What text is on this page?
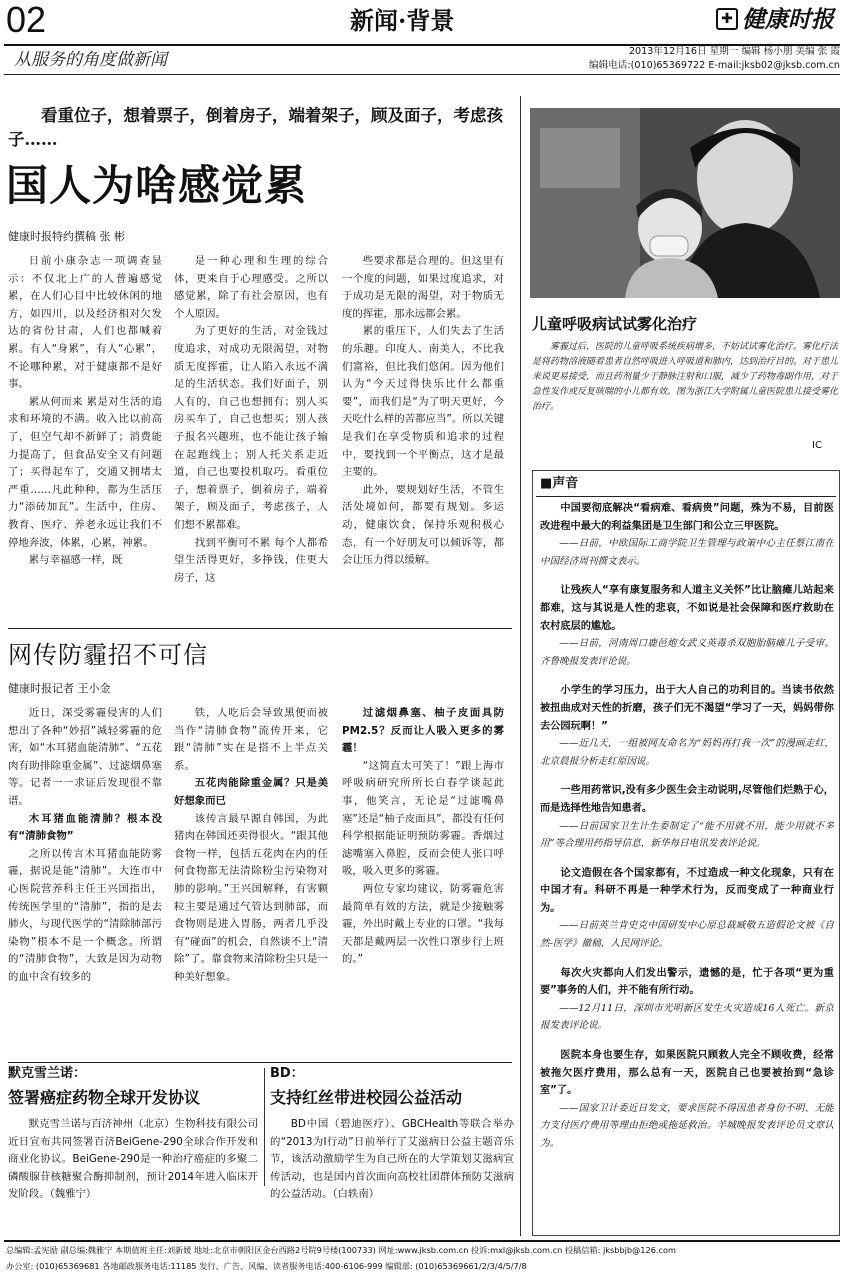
02	新闻·背景	✚ 健康时报
从服务的角度做新闻	2013年12月16日 星期一 编辑 杨小朋 美编 张 霞
编辑电话:(010)65369722 E-mail:jksb02@jksb.com.cn
看重位子，想着票子，倒着房子，端着架子，顾及面子，考虑孩子……
国人为啥感觉累
健康时报特约撰稿 张 彬

日前小康杂志一项调查显示：不仅北上广的人普遍感觉累，在人们心目中比较休闲的地方，如四川，以及经济相对欠发达的省份甘肃，人们也都喊着累。有人“身累”，有人“心累”，不论哪种累，对于健康都不是好事。

累从何而来 累是对生活的追求和环境的不满。收入比以前高了，但空气却不新鲜了；消费能力提高了，但食品安全又有问题了；买得起车了，交通又拥堵太严重……凡此种种，都为生活压力“添砖加瓦”。生活中，住房、教育、医疗、养老永远让我们不停地奔波，体累，心累，神累。

累与幸福感一样，既

是一种心理和生理的综合体，更来自于心理感受。之所以感觉累，除了有社会原因，也有个人原因。

为了更好的生活，对金钱过度追求，对成功无限渴望，对物质无度挥霍，让人陷入永远不满足的生活状态。我们好面子，别人有的，自己也想拥有；别人买房买车了，自己也想买；别人孩子报名兴趣班，也不能让孩子输在起跑线上；别人托关系走近道，自己也要投机取巧。看重位子，想着票子，倒着房子，端着架子，顾及面子，考虑孩子，人们想不累都难。

找到平衡可不累 每个人都希望生活得更好，多挣钱，住更大房子，这

些要求都是合理的。但这里有一个度的问题，如果过度追求，对于成功是无限的渴望，对于物质无度的挥霍，那永远都会累。

累的重压下，人们失去了生活的乐趣。印度人、南美人，不比我们富裕，但比我们悠闲。因为他们认为“今天过得快乐比什么都重要”，而我们是“为了明天更好，今天吃什么样的苦都应当”。所以关键是我们在享受物质和追求的过程中，要找到一个平衡点，这才是最主要的。

此外，要规划好生活，不管生活处境如何，都要有规划。多运动，健康饮食，保持乐观积极心态，有一个好朋友可以倾诉等，都会让压力得以缓解。

儿童呼吸病试试雾化治疗

雾霾过后，医院的儿童呼吸系统疾病增多，不妨试试雾化治疗。雾化疗法是将药物溶液随着患者自然呼吸进入呼吸道和肺内，达到治疗目的。对于患儿来说更易接受，而且药剂量少于静脉注射和口服，减少了药物毒副作用，对于急性发作或反复咳喘的小儿都有效。图为浙江大学附属儿童医院患儿接受雾化治疗。

IC
网传防霾招不可信
健康时报记者 王小金

近日，深受雾霾侵害的人们想出了各种“妙招”减轻雾霾的危害，如“木耳猪血能清肺”、“五花肉有助排除重金属”、过滤烟鼻塞等。记者一一求证后发现很不靠谱。

木耳猪血能清肺？根本没有“清肺食物”

之所以传言木耳猪血能防雾霾，据说是能“清肺”。大连市中心医院营养科主任王兴国指出，传统医学里的“清肺”，指的是去肺火，与现代医学的“清除肺部污染物”根本不是一个概念。所谓的“清肺食物”，大致是因为动物的血中含有较多的

铁，人吃后会导致黑便而被当作“清肺食物”流传开来，它跟“清肺”实在是搭不上半点关系。

五花肉能除重金属？只是美好想象而已

该传言最早源自韩国，为此猪肉在韩国还卖得很火。“跟其他食物一样，包括五花肉在内的任何食物都无法清除粉尘污染物对肺的影响。”王兴国解释，有害颗粒主要是通过气管达到肺部，而食物则是进入胃肠，两者几乎没有“碰面”的机会，自然谈不上“清除”了。靠食物来清除粉尘只是一种美好想象。

过滤烟鼻塞、柚子皮面具防PM2.5？反而让人吸入更多的雾霾！

“这简直太可笑了！”跟上海市呼吸病研究所所长白春学谈起此事，他笑言，无论是“过滤嘴鼻塞”还是“柚子皮面具”，都没有任何科学根据能证明预防雾霾。香烟过滤嘴塞入鼻腔，反而会使人张口呼吸，吸入更多的雾霾。

两位专家均建议，防雾霾危害最简单有效的方法，就是少接触雾霾，外出时戴上专业的口罩。“我每天都是戴两层一次性口罩步行上班的。”

默克雪兰诺：
签署癌症药物全球开发协议

默克雪兰诺与百济神州（北京）生物科技有限公司近日宣布共同签署百济BeiGene-290全球合作开发和商业化协议。BeiGene-290是一种治疗癌症的多聚二磷酸腺苷核糖聚合酶抑制剂，预计2014年进入临床开发阶段。（魏雅宁）

BD：
支持红丝带进校园公益活动

BD中国（碧迪医疗）、GBCHealth等联合举办的“2013为I行动”日前举行了艾滋病日公益主题音乐节，该活动激励学生为自己所在的大学策划艾滋病宣传活动，也是国内首次面向高校社团群体预防艾滋病的公益活动。（白轶南）

■声音

中国要彻底解决“看病难、看病贵”问题，殊为不易，目前医改进程中最大的利益集团是卫生部门和公立三甲医院。

——日前，中欧国际工商学院卫生管理与政策中心主任蔡江南在中国经济周刊撰文表示。

让残疾人“享有康复服务和人道主义关怀”比让脑瘫儿站起来都难，这与其说是人性的悲哀，不如说是社会保障和医疗救助在农村底层的尴尬。

——日前，河南周口鹿邑炮女武义英毒杀双胞胎脑瘫儿子受审。齐鲁晚报发表评论说。

小学生的学习压力，出于大人自己的功利目的。当读书依然被扭曲成对天性的折磨，孩子们无不渴望“学习了一天，妈妈带你去公园玩啊！”

——近几天，一组被网友命名为“妈妈再打我一次”的漫画走红，北京晨报分析走红原因说。

一些用药常识,没有多少医生会主动说明,尽管他们烂熟于心，而是选择性地告知患者。

——日前国家卫生计生委制定了“能不用就不用，能少用就不多用”等合理用药指导信息，新华每日电讯发表评论说。

论文造假在各个国家都有，不过造成一种文化现象，只有在中国才有。科研不再是一种学术行为，反而变成了一种商业行为。

——日前英兰肯史克中国研发中心原总裁臧敬五造假论文被《自然-医学》撤稿，人民网评论。

每次火灾都向人们发出警示，遗憾的是，忙于各项“更为重要”事务的人们，并不能有所行动。

——12月11日，深圳市光明新区发生火灾造成16人死亡。新京报发表评论说。

医院本身也要生存，如果医院只顾救人完全不顾收费，经常被拖欠医疗费用，那么总有一天，医院自己也要被抬到“急诊室”了。

——国家卫计委近日发文，要求医院不得因患者身份不明、无能力支付医疗费用等理由拒绝或拖延救治。羊城晚报发表评论员文章认为。

总编辑:孟宪励 副总编:魏雅宁 本期值班主任:刘新媛 地址:北京市朝阳区金台西路2号院9号楼(100733) 网址:www.jksb.com.cn 投诉:mxl@jksb.com.cn 投稿信箱: jksbbjb@126.com
办公室: (010)65369681 各地邮政服务电话:11185 发行、广告、风编、读者服务电话:400-6106-999 编辑部: (010)65369661/2/3/4/5/7/8
